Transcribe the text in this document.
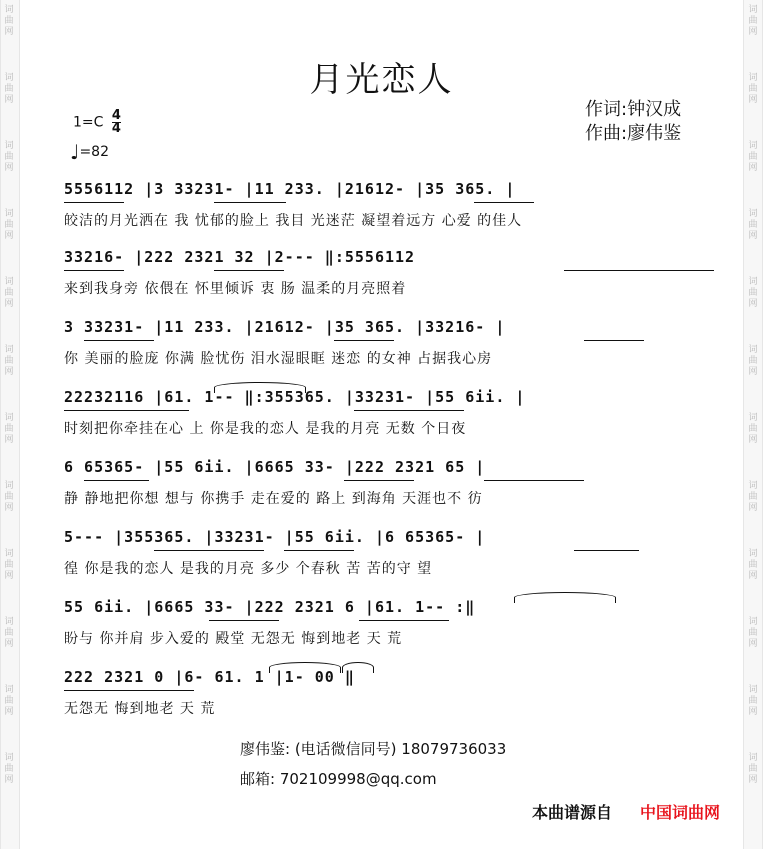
词
曲
网
词
曲
网
词
曲
网
词
曲
网
词
曲
网
词
曲
网
词
曲
网
词
曲
网
词
曲
网
词
曲
网
词
曲
网
词
曲
网
词
曲
网
词
曲
网
词
曲
网
词
曲
网
词
曲
网
词
曲
网
词
曲
网
词
曲
网
词
曲
网
词
曲
网
词
曲
网
词
曲
网
月光恋人
$1=C \frac{4}{4}$
♩=82
作词:钟汉成
作曲:廖伟鉴
5556112 |3 33231- |11 233. |21612- |35 365. |
皎洁的月光洒在 我 忧郁的脸上 我目 光迷茫 凝望着远方 心爱 的佳人
33216- |222 2321 32 |2--- ‖:5556112
来到我身旁 依偎在 怀里倾诉 衷 肠 温柔的月亮照着
3 33231- |11 233. |21612- |35 365. |33216- |
你 美丽的脸庞 你满 脸忧伤 泪水湿眼眶 迷恋 的女神 占据我心房
22232116 |61. 1-- ‖:355365. |33231- |55 6ii. |
时刻把你牵挂在心 上 你是我的恋人 是我的月亮 无数 个日夜
6 65365- |55 6ii. |6665 33- |222 2321 65 |
静 静地把你想 想与 你携手 走在爱的 路上 到海角 天涯也不 彷
5--- |355365. |33231- |55 6ii. |6 65365- |
徨 你是我的恋人 是我的月亮 多少 个春秋 苦 苦的守 望
55 6ii. |6665 33- |222 2321 6 |61. 1-- :‖
盼与 你并肩 步入爱的 殿堂 无怨无 悔到地老 天 荒
222 2321 0 |6- 61. 1 |1- 00 ‖
无怨无 悔到地老 天 荒
廖伟鉴: (电话微信同号) 18079736033
邮箱: 702109998@qq.com
本曲谱源自 中国词曲网
